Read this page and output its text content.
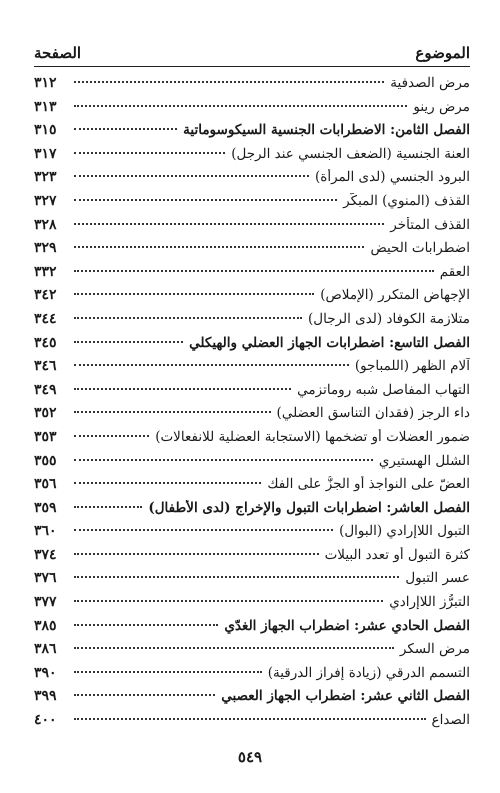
الموضوع
الصفحة
مرض الصدفية
٣١٢
مرض رينو
٣١٣
الفصل الثامن: الاضطرابات الجنسية السيكوسوماتية
٣١٥
العنة الجنسية (الضعف الجنسي عند الرجل)
٣١٧
البرود الجنسي (لدى المرأة)
٣٢٣
القذف (المنوي) المبكّر
٣٢٧
القذف المتأخر
٣٢٨
اضطرابات الحيض
٣٢٩
العقم
٣٣٢
الإجهاض المتكرر (الإملاص)
٣٤٢
متلازمة الكوفاد (لدى الرجال)
٣٤٤
الفصل التاسع: اضطرابات الجهاز العضلي والهيكلي
٣٤٥
آلام الظهر (اللمباجو)
٣٤٦
التهاب المفاصل شبه روماتزمي
٣٤٩
داء الرجز (فقدان التناسق العضلي)
٣٥٢
ضمور العضلات أو تضخمها (الاستجابة العضلية للانفعالات)
٣٥٣
الشلل الهستيري
٣٥٥
العضّ على النواجذ أو الجزُّ على الفك
٣٥٦
الفصل العاشر: اضطرابات التبول والإخراج (لدى الأطفال)
٣٥٩
التبول اللاإرادي (البوال)
٣٦٠
كثرة التبول أو تعدد البيلات
٣٧٤
عسر التبول
٣٧٦
التبرُّز اللاإرادي
٣٧٧
الفصل الحادي عشر: اضطراب الجهاز الغدّي
٣٨٥
مرض السكر
٣٨٦
التسمم الدرقي (زيادة إفراز الدرقية)
٣٩٠
الفصل الثاني عشر: اضطراب الجهاز العصبي
٣٩٩
الصداع
٤٠٠
٥٤٩
